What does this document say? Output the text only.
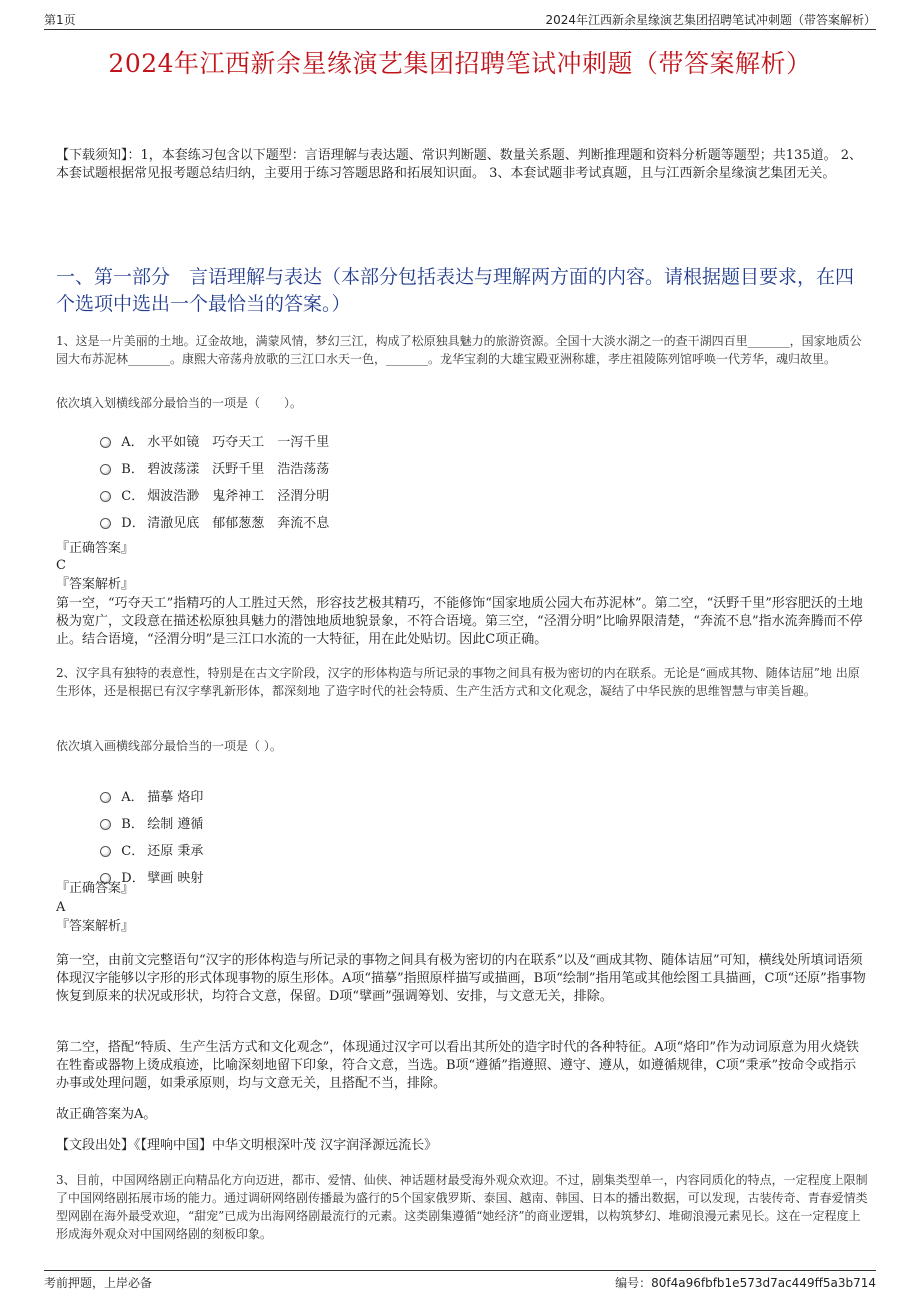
第1页	2024年江西新余星缘演艺集团招聘笔试冲刺题（带答案解析）
2024年江西新余星缘演艺集团招聘笔试冲刺题（带答案解析）
【下载须知】：1，本套练习包含以下题型：言语理解与表达题、常识判断题、数量关系题、判断推理题和资料分析题等题型；共135道。 2、本套试题根据常见报考题总结归纳，主要用于练习答题思路和拓展知识面。 3、本套试题非考试真题，且与江西新余星缘演艺集团无关。
一、第一部分　言语理解与表达（本部分包括表达与理解两方面的内容。请根据题目要求，在四个选项中选出一个最恰当的答案。）
1、这是一片美丽的土地。辽金故地，满蒙风情，梦幻三江，构成了松原独具魅力的旅游资源。全国十大淡水湖之一的查干湖四百里_______，国家地质公园大布苏泥林_______。康熙大帝荡舟放歌的三江口水天一色，_______。龙华宝刹的大雄宝殿亚洲称雄，孝庄祖陵陈列馆呼唤一代芳华，魂归故里。
依次填入划横线部分最恰当的一项是（　　）。

A． 水平如镜　巧夺天工　一泻千里

B． 碧波荡漾　沃野千里　浩浩荡荡

C． 烟波浩渺　鬼斧神工　泾渭分明

D． 清澈见底　郁郁葱葱　奔流不息

『正确答案』
C
『答案解析』
第一空，“巧夺天工”指精巧的人工胜过天然，形容技艺极其精巧，不能修饰“国家地质公园大布苏泥林”。第二空，“沃野千里”形容肥沃的土地极为宽广，文段意在描述松原独具魅力的潜蚀地质地貌景象，不符合语境。第三空，“泾渭分明”比喻界限清楚，“奔流不息”指水流奔腾而不停止。结合语境，“泾渭分明”是三江口水流的一大特征，用在此处贴切。因此C项正确。
2、汉字具有独特的表意性，特别是在古文字阶段，汉字的形体构造与所记录的事物之间具有极为密切的内在联系。无论是“画成其物、随体诘屈”地 出原生形体，还是根据已有汉字孳乳新形体，都深刻地 了造字时代的社会特质、生产生活方式和文化观念，凝结了中华民族的思维智慧与审美旨趣。
依次填入画横线部分最恰当的一项是（ ）。

A． 描摹 烙印

B． 绘制 遵循

C． 还原 秉承

D． 擘画 映射

『正确答案』
A
『答案解析』
第一空，由前文完整语句“汉字的形体构造与所记录的事物之间具有极为密切的内在联系”以及“画成其物、随体诘屈”可知，横线处所填词语须体现汉字能够以字形的形式体现事物的原生形体。A项“描摹”指照原样描写或描画，B项“绘制”指用笔或其他绘图工具描画，C项“还原”指事物恢复到原来的状况或形状，均符合文意，保留。D项“擘画”强调筹划、安排，与文意无关，排除。
第二空，搭配“特质、生产生活方式和文化观念”，体现通过汉字可以看出其所处的造字时代的各种特征。A项“烙印”作为动词原意为用火烧铁在牲畜或器物上烫成痕迹，比喻深刻地留下印象，符合文意，当选。B项“遵循”指遵照、遵守、遵从，如遵循规律，C项“秉承”按命令或指示办事或处理问题，如秉承原则，均与文意无关，且搭配不当，排除。
故正确答案为A。
【文段出处】《【理响中国】中华文明根深叶茂 汉字润泽源远流长》
3、目前，中国网络剧正向精品化方向迈进，都市、爱情、仙侠、神话题材最受海外观众欢迎。不过，剧集类型单一，内容同质化的特点，一定程度上限制了中国网络剧拓展市场的能力。通过调研网络剧传播最为盛行的5个国家俄罗斯、泰国、越南、韩国、日本的播出数据，可以发现，古装传奇、青春爱情类型网剧在海外最受欢迎，“甜宠”已成为出海网络剧最流行的元素。这类剧集遵循“她经济”的商业逻辑，以构筑梦幻、堆砌浪漫元素见长。这在一定程度上形成海外观众对中国网络剧的刻板印象。
考前押题，上岸必备	编号：80f4a96fbfb1e573d7ac449ff5a3b714
